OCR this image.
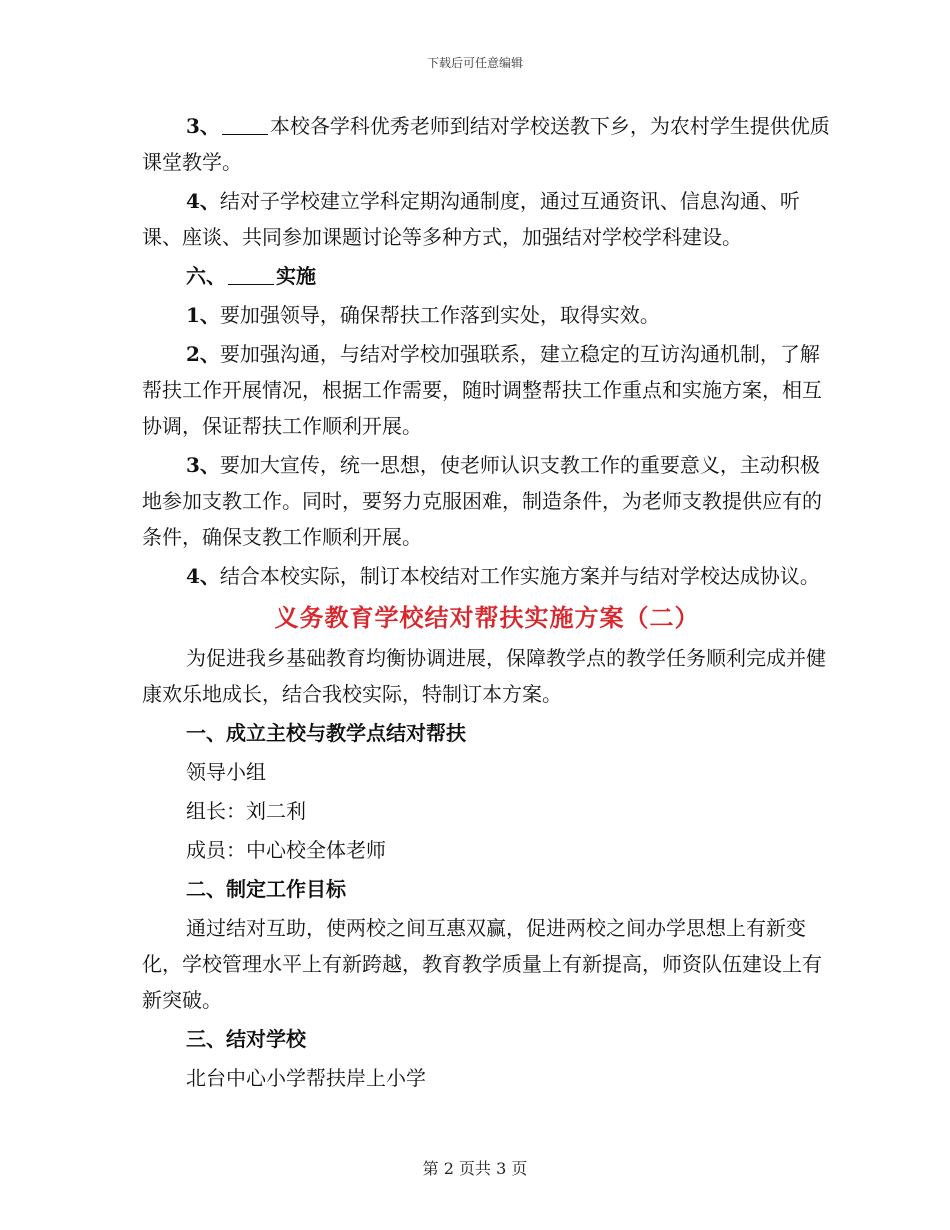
下载后可任意编辑

3、	本校各学科优秀老师到结对学校送教下乡，为农村学生提供优质课堂教学。

4、结对子学校建立学科定期沟通制度，通过互通资讯、信息沟通、听课、座谈、共同参加课题讨论等多种方式，加强结对学校学科建设。

六、	实施

1、要加强领导，确保帮扶工作落到实处，取得实效。

2、要加强沟通，与结对学校加强联系，建立稳定的互访沟通机制，了解帮扶工作开展情况，根据工作需要，随时调整帮扶工作重点和实施方案，相互协调，保证帮扶工作顺利开展。

3、要加大宣传，统一思想，使老师认识支教工作的重要意义，主动积极地参加支教工作。同时，要努力克服困难，制造条件，为老师支教提供应有的条件，确保支教工作顺利开展。

4、结合本校实际，制订本校结对工作实施方案并与结对学校达成协议。

义务教育学校结对帮扶实施方案（二）

为促进我乡基础教育均衡协调进展，保障教学点的教学任务顺利完成并健康欢乐地成长，结合我校实际，特制订本方案。

一、成立主校与教学点结对帮扶

领导小组

组长：刘二利

成员：中心校全体老师

二、制定工作目标

通过结对互助，使两校之间互惠双赢，促进两校之间办学思想上有新变化，学校管理水平上有新跨越，教育教学质量上有新提高，师资队伍建设上有新突破。

三、结对学校

北台中心小学帮扶岸上小学

第 2 页共 3 页
